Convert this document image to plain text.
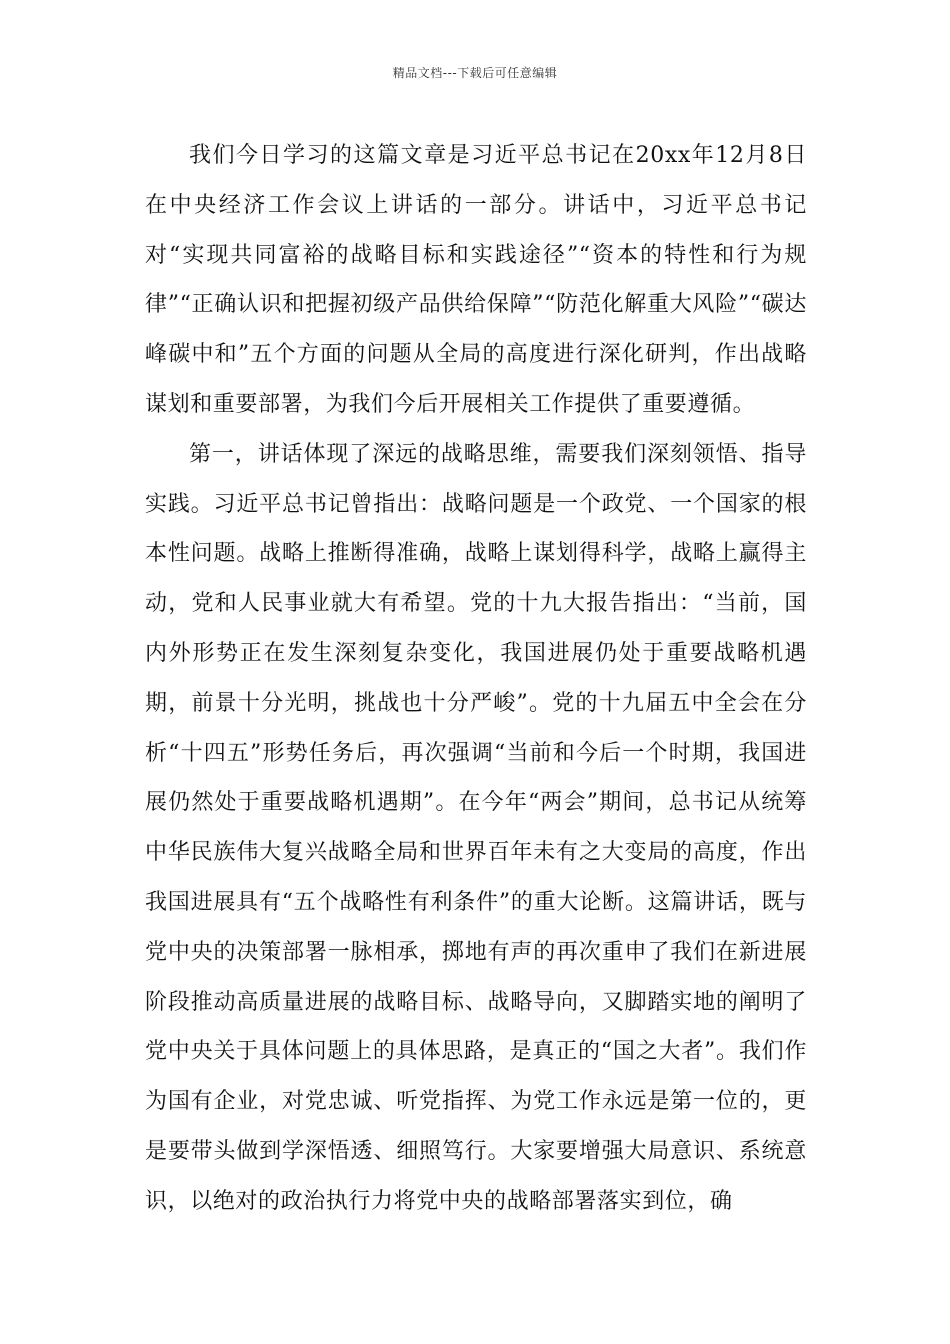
精品文档---下载后可任意编辑

我们今日学习的这篇文章是习近平总书记在20xx年12月8日在中央经济工作会议上讲话的一部分。讲话中，习近平总书记对“实现共同富裕的战略目标和实践途径”“资本的特性和行为规律”“正确认识和把握初级产品供给保障”“防范化解重大风险”“碳达峰碳中和”五个方面的问题从全局的高度进行深化研判，作出战略谋划和重要部署，为我们今后开展相关工作提供了重要遵循。

第一，讲话体现了深远的战略思维，需要我们深刻领悟、指导实践。习近平总书记曾指出：战略问题是一个政党、一个国家的根本性问题。战略上推断得准确，战略上谋划得科学，战略上赢得主动，党和人民事业就大有希望。党的十九大报告指出：“当前，国内外形势正在发生深刻复杂变化，我国进展仍处于重要战略机遇期，前景十分光明，挑战也十分严峻”。党的十九届五中全会在分析“十四五”形势任务后，再次强调“当前和今后一个时期，我国进展仍然处于重要战略机遇期”。在今年“两会”期间，总书记从统筹中华民族伟大复兴战略全局和世界百年未有之大变局的高度，作出我国进展具有“五个战略性有利条件”的重大论断。这篇讲话，既与党中央的决策部署一脉相承，掷地有声的再次重申了我们在新进展阶段推动高质量进展的战略目标、战略导向，又脚踏实地的阐明了党中央关于具体问题上的具体思路，是真正的“国之大者”。我们作为国有企业，对党忠诚、听党指挥、为党工作永远是第一位的，更是要带头做到学深悟透、细照笃行。大家要增强大局意识、系统意识，以绝对的政治执行力将党中央的战略部署落实到位，确
